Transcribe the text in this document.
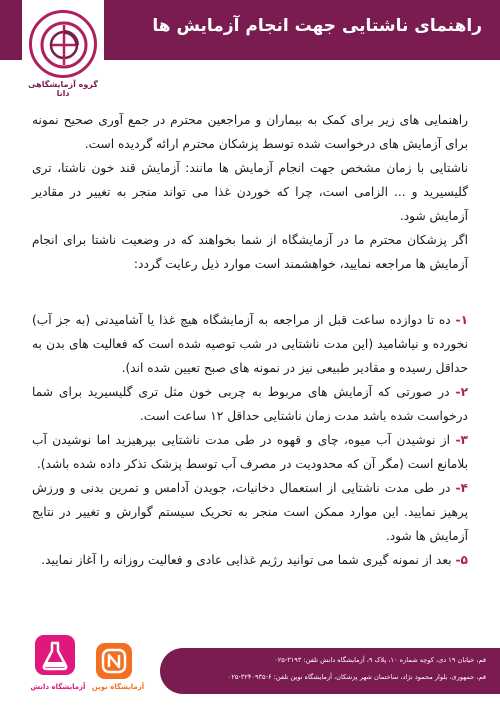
راهنمای ناشتایی جهت انجام آزمایش ها
گروه آزمایشگاهی دانا

راهنمایی های زیر برای کمک به بیماران و مراجعین محترم در جمع آوری صحیح نمونه برای آزمایش های درخواست شده توسط پزشکان محترم ارائه گردیده است.

ناشتایی با زمان مشخص جهت انجام آزمایش ها مانند: آزمایش قند خون ناشتا، تری گلیسیرید و ... الزامی است، چرا که خوردن غذا می تواند منجر به تغییر در مقادیر آزمایش شود.

اگر پزشکان محترم ما در آزمایشگاه از شما بخواهند که در وضعیت ناشتا برای انجام آزمایش ها مراجعه نمایید، خواهشمند است موارد ذیل رعایت گردد:

۱- ده تا دوازده ساعت قبل از مراجعه به آزمایشگاه هیچ غذا یا آشامیدنی (به جز آب) نخورده و نیاشامید (این مدت ناشتایی در شب توصیه شده است که فعالیت های بدن به حداقل رسیده و مقادیر طبیعی نیز در نمونه های صبح تعیین شده اند).

۲- در صورتی که آزمایش های مربوط به چربی خون مثل تری گلیسیرید برای شما درخواست شده باشد مدت زمان ناشتایی حداقل ۱۲ ساعت است.

۳- از نوشیدن آب میوه، چای و قهوه در طی مدت ناشتایی بپرهیزید اما نوشیدن آب بلامانع است (مگر آن که محدودیت در مصرف آب توسط پزشک تذکر داده شده باشد).

۴- در طی مدت ناشتایی از استعمال دخانیات، جویدن آدامس و تمرین بدنی و ورزش پرهیز نمایید. این موارد ممکن است منجر به تحریک سیستم گوارش و تغییر در نتایج آزمایش ها شود.

۵- بعد از نمونه گیری شما می توانید رژیم غذایی عادی و فعالیت روزانه را آغاز نمایید.

آزمایشگاه دانش آزمایشگاه نوین
قم، خیابان ۱۹ دی، کوچه شماره ۱۰، پلاک ۹، آزمایشگاه دانش تلفن: ۳۱۹۳-۰۲۵
قم، جمهوری، بلوار محمود نژاد، ساختمان شهر پزشکان، آزمایشگاه نوین تلفن: ۶-۳۲۴۰۹۳۵-۰۲۵
